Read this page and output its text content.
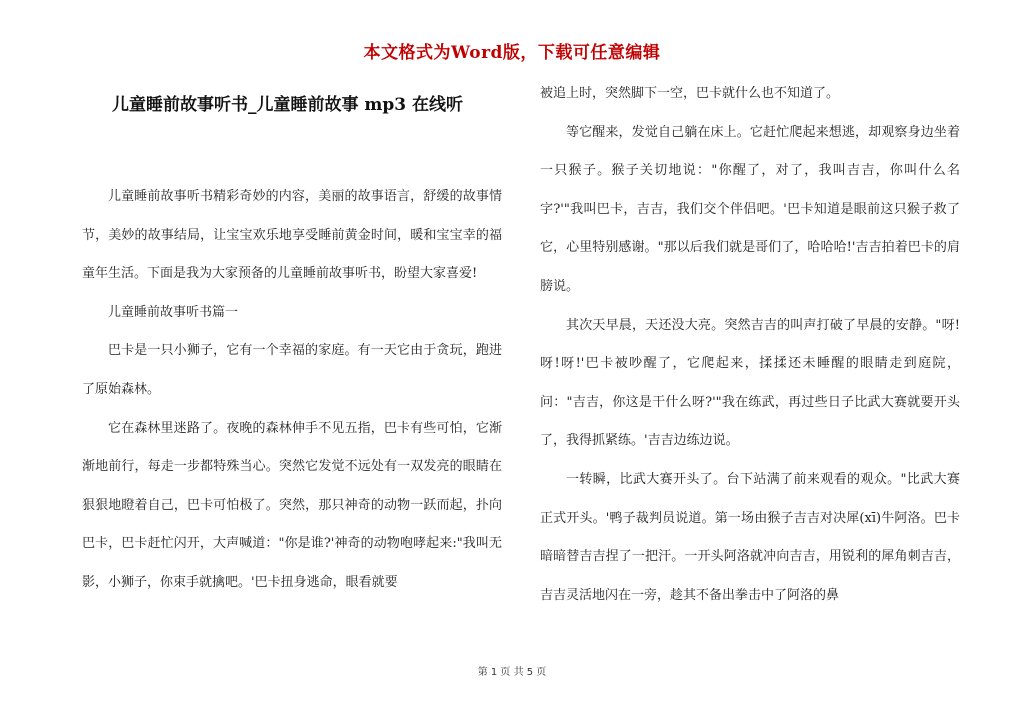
本文格式为Word版，下载可任意编辑
儿童睡前故事听书_儿童睡前故事 mp3 在线听

儿童睡前故事听书精彩奇妙的内容，美丽的故事语言，舒缓的故事情节，美妙的故事结局，让宝宝欢乐地享受睡前黄金时间，暖和宝宝幸的福童年生活。下面是我为大家预备的儿童睡前故事听书，盼望大家喜爱!

儿童睡前故事听书篇一

巴卡是一只小狮子，它有一个幸福的家庭。有一天它由于贪玩，跑进了原始森林。

它在森林里迷路了。夜晚的森林伸手不见五指，巴卡有些可怕，它渐渐地前行，每走一步都特殊当心。突然它发觉不远处有一双发亮的眼睛在狠狠地瞪着自己，巴卡可怕极了。突然，那只神奇的动物一跃而起，扑向巴卡，巴卡赶忙闪开，大声喊道："你是谁?'神奇的动物咆哮起来:"我叫无影，小狮子，你束手就擒吧。'巴卡扭身逃命，眼看就要

被追上时，突然脚下一空，巴卡就什么也不知道了。

等它醒来，发觉自己躺在床上。它赶忙爬起来想逃，却观察身边坐着一只猴子。猴子关切地说："你醒了，对了，我叫吉吉，你叫什么名字?'"我叫巴卡，吉吉，我们交个伴侣吧。'巴卡知道是眼前这只猴子救了它，心里特别感谢。"那以后我们就是哥们了，哈哈哈!'吉吉拍着巴卡的肩膀说。

其次天早晨，天还没大亮。突然吉吉的叫声打破了早晨的安静。"呀!呀!呀!'巴卡被吵醒了，它爬起来，揉揉还未睡醒的眼睛走到庭院，问："吉吉，你这是干什么呀?'"我在练武，再过些日子比武大赛就要开头了，我得抓紧练。'吉吉边练边说。

一转瞬，比武大赛开头了。台下站满了前来观看的观众。"比武大赛正式开头。'鸭子裁判员说道。第一场由猴子吉吉对决犀(xī)牛阿洛。巴卡暗暗替吉吉捏了一把汗。一开头阿洛就冲向吉吉，用锐利的犀角刺吉吉，吉吉灵活地闪在一旁，趁其不备出拳击中了阿洛的鼻

第 1 页 共 5 页
